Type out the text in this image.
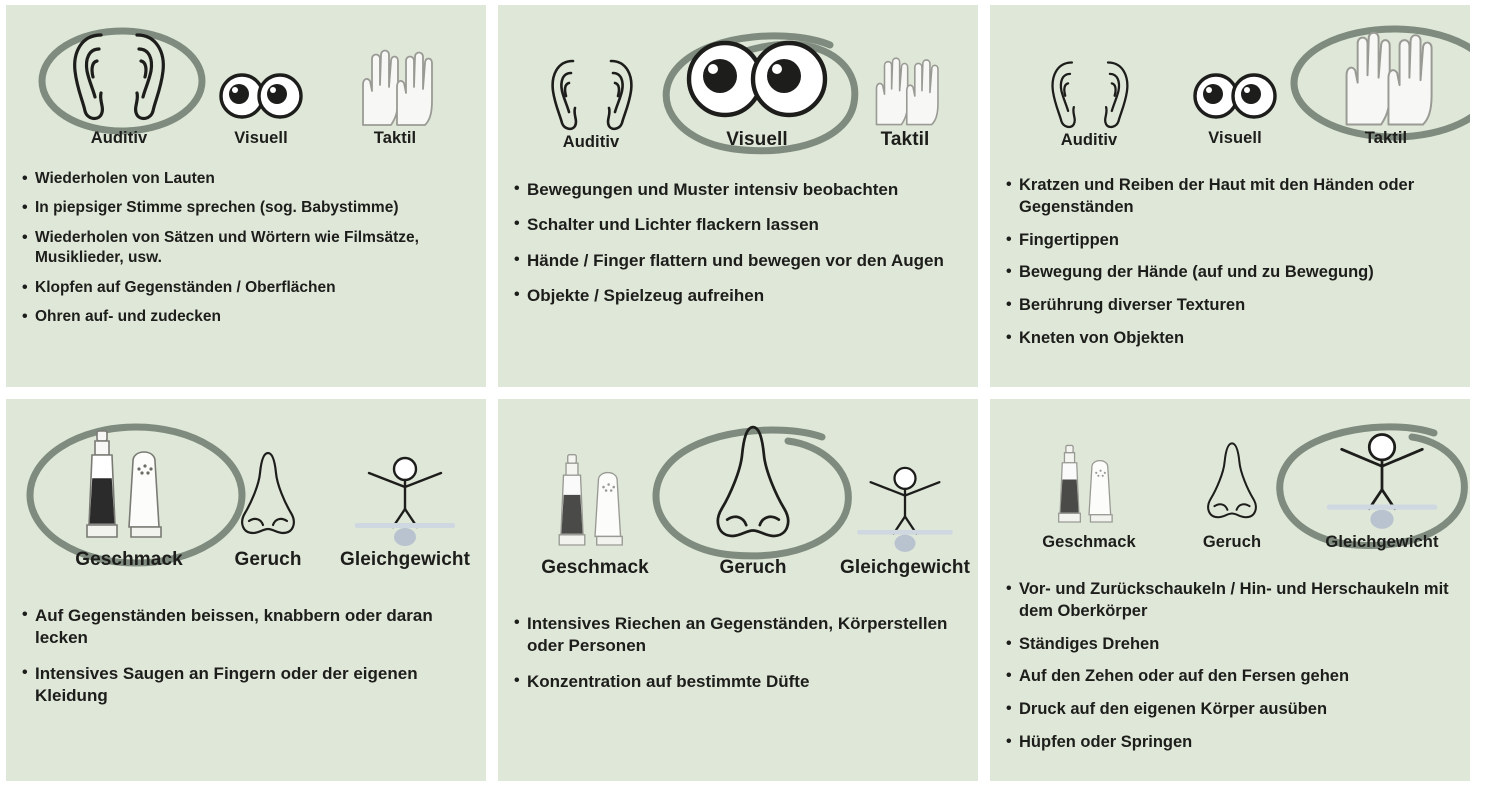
Auditiv	Visuell	Taktil
• Wiederholen von Lauten
• In piepsiger Stimme sprechen (sog. Babystimme)
• Wiederholen von Sätzen und Wörtern wie Filmsätze, Musiklieder, usw.
• Klopfen auf Gegenständen / Oberflächen
• Ohren auf- und zudecken
Auditiv	Visuell	Taktil
• Bewegungen und Muster intensiv beobachten
• Schalter und Lichter flackern lassen
• Hände / Finger flattern und bewegen vor den Augen
• Objekte / Spielzeug aufreihen
Auditiv	Visuell	Taktil
• Kratzen und Reiben der Haut mit den Händen oder Gegenständen
• Fingertippen
• Bewegung der Hände (auf und zu Bewegung)
• Berührung diverser Texturen
• Kneten von Objekten
Geschmack	Geruch	Gleichgewicht
• Auf Gegenständen beissen, knabbern oder daran lecken
• Intensives Saugen an Fingern oder der eigenen Kleidung
Geschmack	Geruch	Gleichgewicht
• Intensives Riechen an Gegenständen, Körperstellen oder Personen
• Konzentration auf bestimmte Düfte
Geschmack	Geruch	Gleichgewicht
• Vor- und Zurückschaukeln / Hin- und Herschaukeln mit dem Oberkörper
• Ständiges Drehen
• Auf den Zehen oder auf den Fersen gehen
• Druck auf den eigenen Körper ausüben
• Hüpfen oder Springen
